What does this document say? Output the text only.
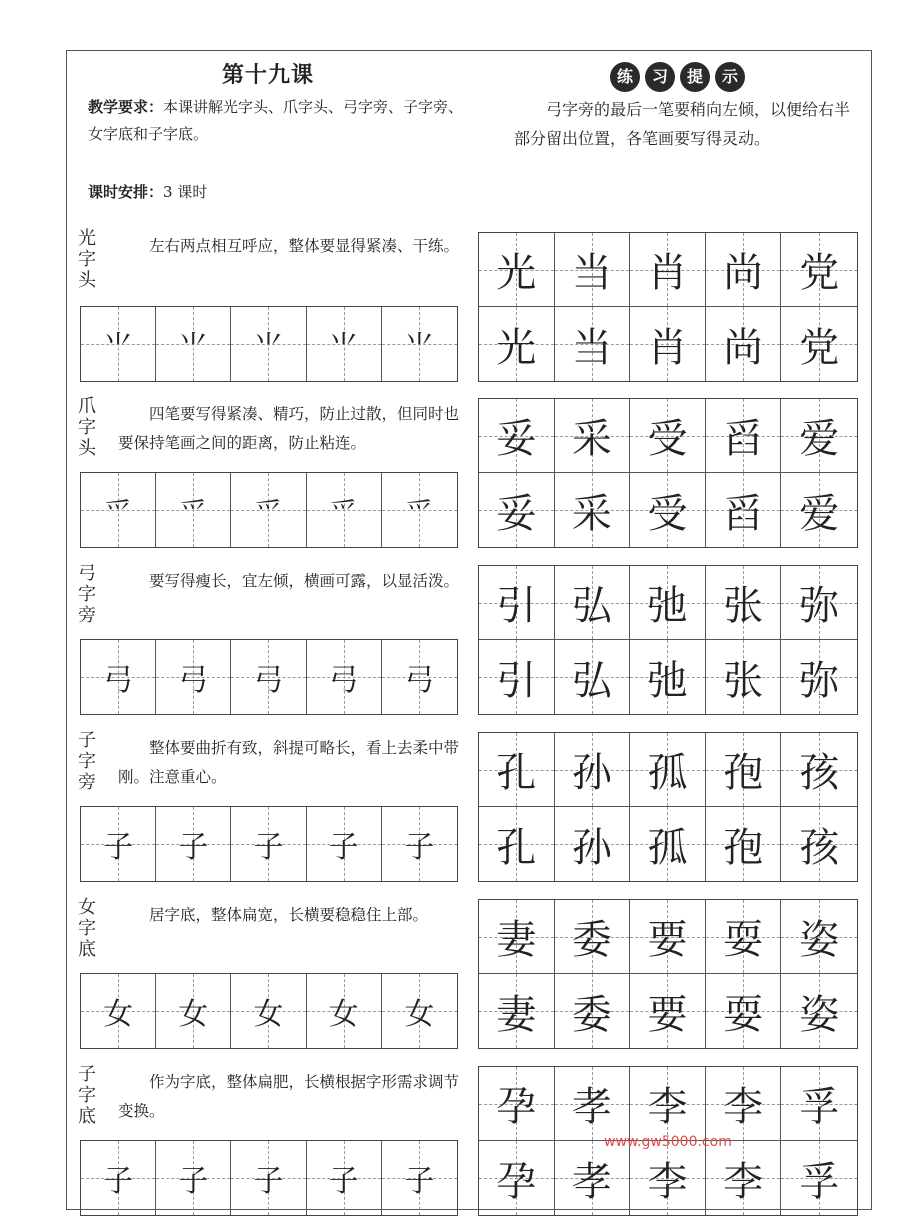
第十九课
教学要求：本课讲解光字头、爪字头、弓字旁、子字旁、女字底和子字底。
课时安排：3 课时
练	习	提	示
弓字旁的最后一笔要稍向左倾，以便给右半部分留出位置，各笔画要写得灵动。
光字头
左右两点相互呼应，整体要显得紧凑、干练。
⺌ ⺌ ⺌ ⺌ ⺌
光 当 肖 尚 党
光 当 肖 尚 党
爪字头
四笔要写得紧凑、精巧，防止过散，但同时也要保持笔画之间的距离，防止粘连。
爫 爫 爫 爫 爫
妥 采 受 舀 爱
妥 采 受 舀 爱
弓字旁
要写得瘦长，宜左倾，横画可露，以显活泼。
弓 弓 弓 弓 弓
引 弘 弛 张 弥
引 弘 弛 张 弥
子字旁
整体要曲折有致，斜提可略长，看上去柔中带刚。注意重心。
子 子 子 子 子
孔 孙 孤 孢 孩
孔 孙 孤 孢 孩
女字底
居字底，整体扁宽，长横要稳稳住上部。
女 女 女 女 女
妻 委 要 耍 姿
妻 委 要 耍 姿
子字底
作为字底，整体扁肥，长横根据字形需求调节变换。
子 子 子 子 子
孕 孝 李 李 孚
孕 孝 李 李 孚
www.gw5000.com
